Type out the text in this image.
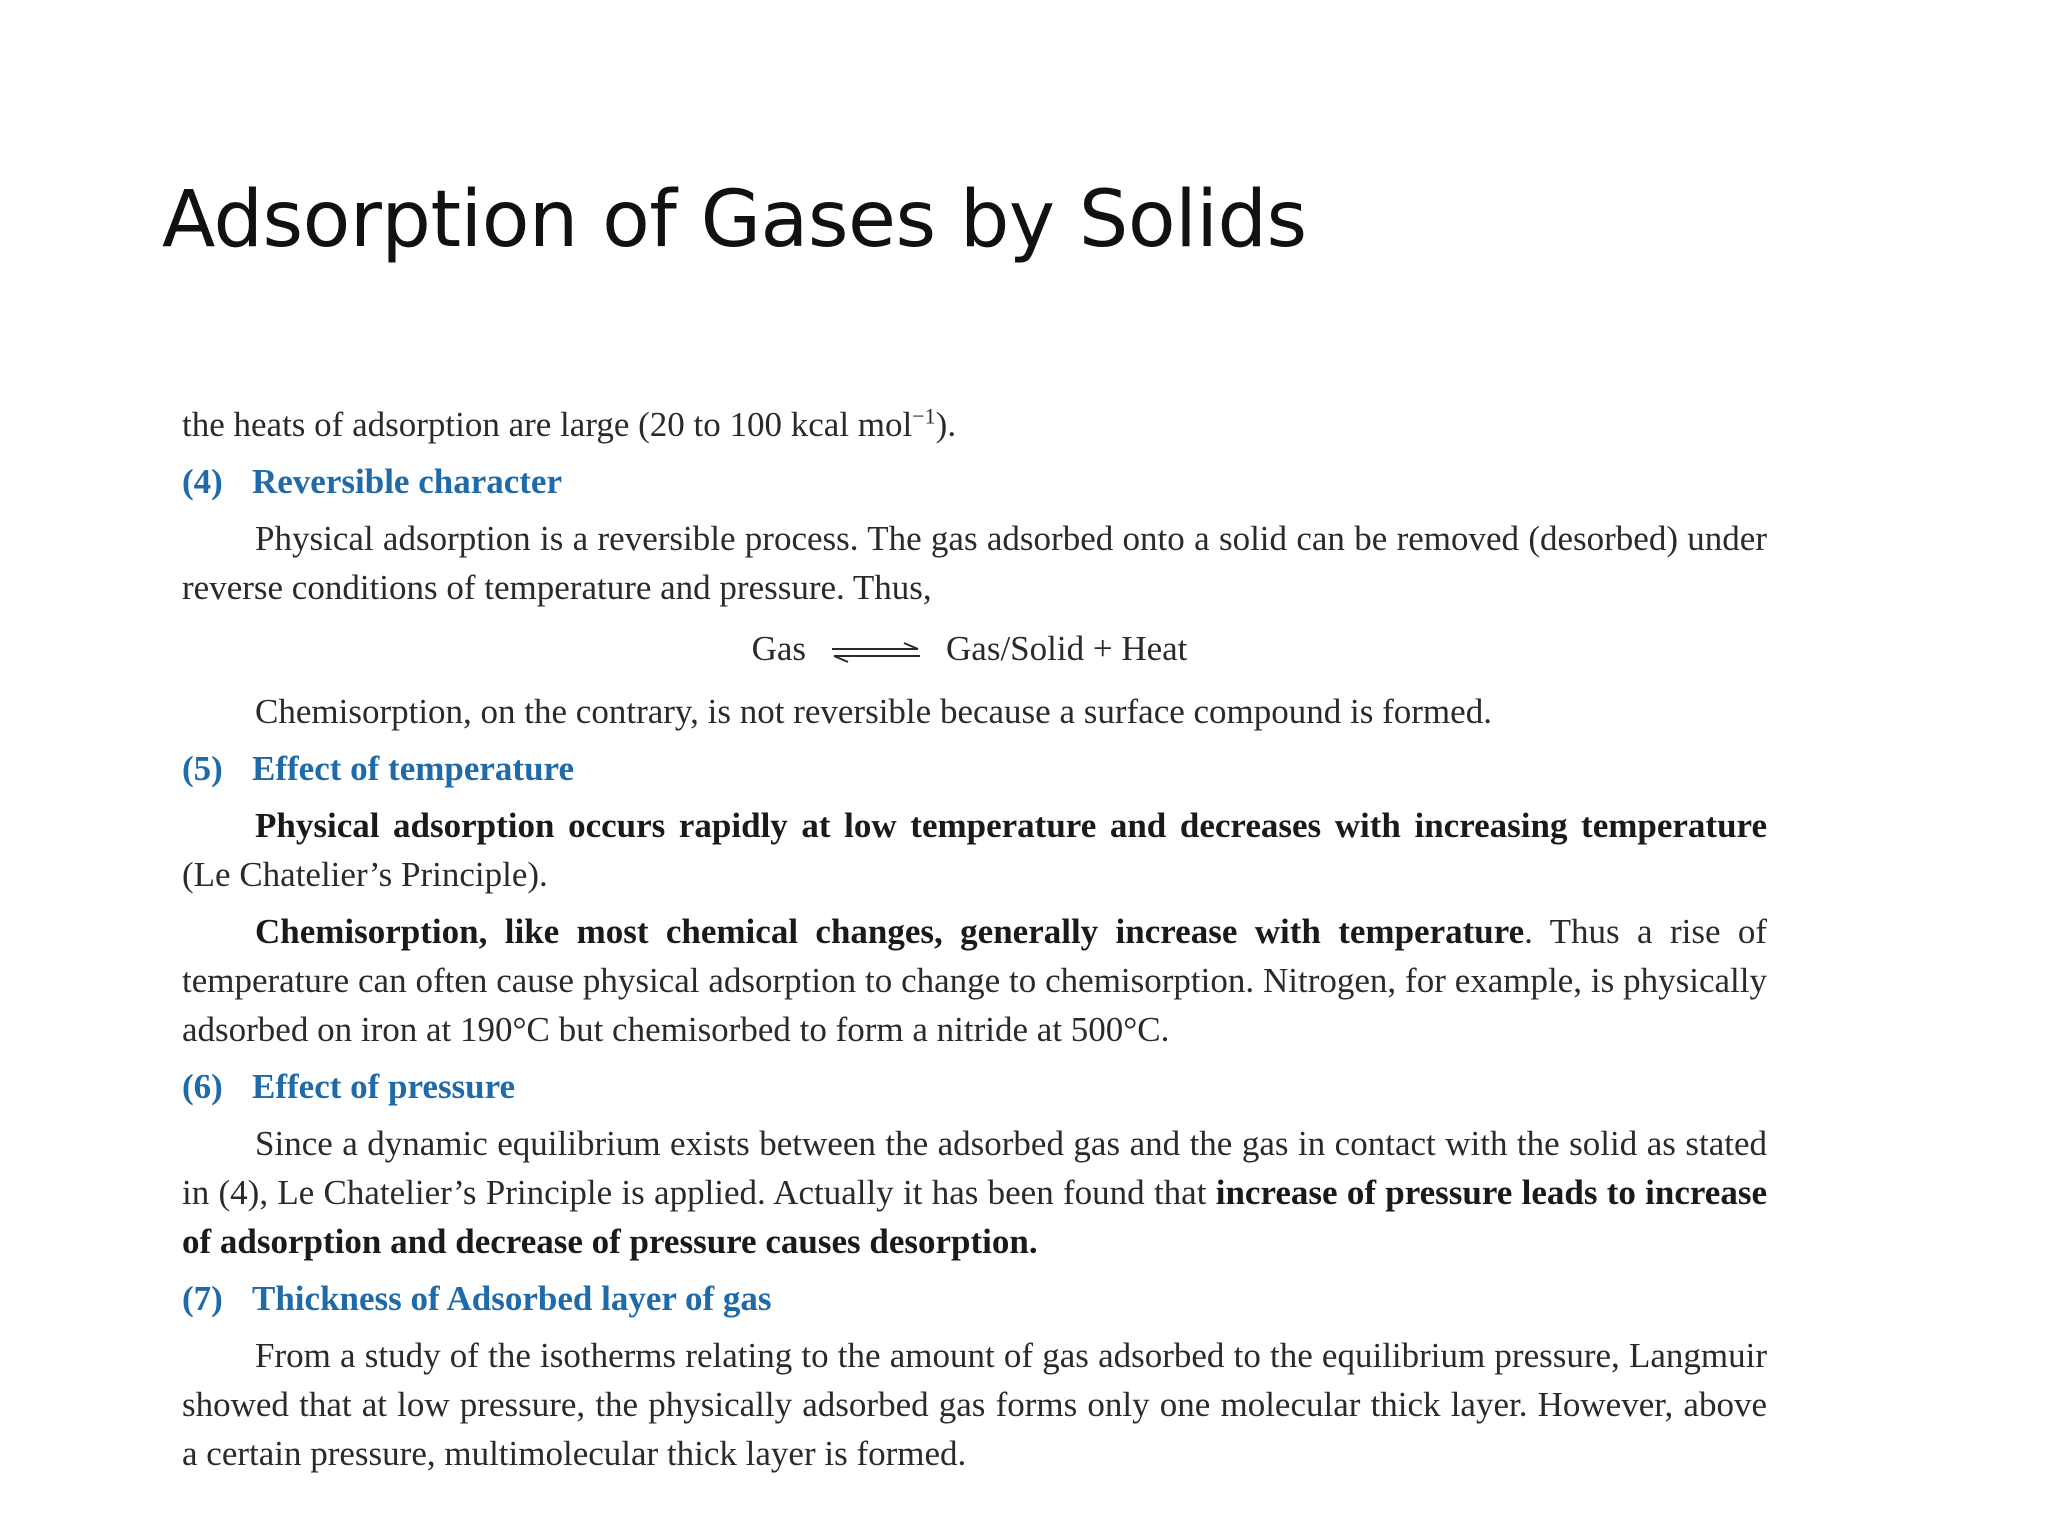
Adsorption of Gases by Solids

the heats of adsorption are large (20 to 100 kcal mol$^{-1}$).

(4) Reversible character

Physical adsorption is a reversible process. The gas adsorbed onto a solid can be removed (desorbed) under reverse conditions of temperature and pressure. Thus,

Gas ⇌ Gas/Solid + Heat

Chemisorption, on the contrary, is not reversible because a surface compound is formed.

(5) Effect of temperature

Physical adsorption occurs rapidly at low temperature and decreases with increasing temperature (Le Chatelier’s Principle).

Chemisorption, like most chemical changes, generally increase with temperature. Thus a rise of temperature can often cause physical adsorption to change to chemisorption. Nitrogen, for example, is physically adsorbed on iron at 190°C but chemisorbed to form a nitride at 500°C.

(6) Effect of pressure

Since a dynamic equilibrium exists between the adsorbed gas and the gas in contact with the solid as stated in (4), Le Chatelier’s Principle is applied. Actually it has been found that increase of pressure leads to increase of adsorption and decrease of pressure causes desorption.

(7) Thickness of Adsorbed layer of gas

From a study of the isotherms relating to the amount of gas adsorbed to the equilibrium pressure, Langmuir showed that at low pressure, the physically adsorbed gas forms only one molecular thick layer. However, above a certain pressure, multimolecular thick layer is formed.
